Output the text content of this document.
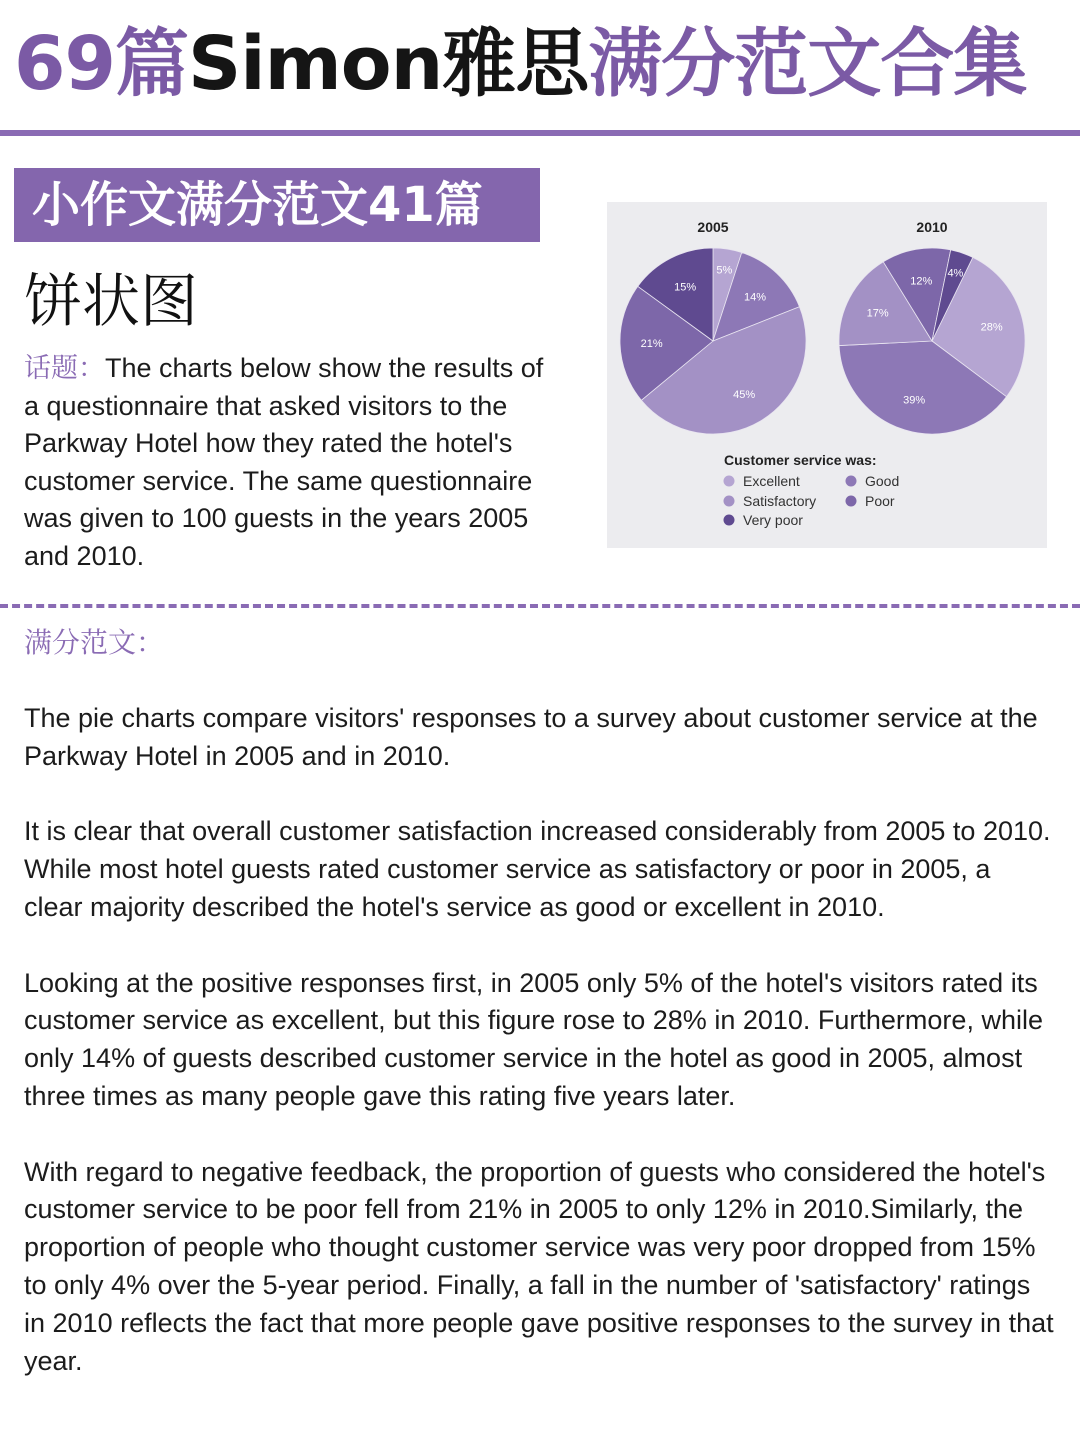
69篇Simon雅思满分范文合集
小作文满分范文41篇
饼状图
话题：The charts below show the results of a questionnaire that asked visitors to the Parkway Hotel how they rated the hotel's customer service. The same questionnaire was given to 100 guests in the years 2005 and 2010.
2005
5%
14%
45%
21%
15%
2010
28%
39%
17%
12%
4%
Customer service was:
Excellent	Good
Satisfactory	Poor
Very poor
满分范文：

The pie charts compare visitors' responses to a survey about customer service at the Parkway Hotel in 2005 and in 2010.

It is clear that overall customer satisfaction increased considerably from 2005 to 2010. While most hotel guests rated customer service as satisfactory or poor in 2005, a clear majority described the hotel's service as good or excellent in 2010.

Looking at the positive responses first, in 2005 only 5% of the hotel's visitors rated its customer service as excellent, but this figure rose to 28% in 2010. Furthermore, while only 14% of guests described customer service in the hotel as good in 2005, almost three times as many people gave this rating five years later.

With regard to negative feedback, the proportion of guests who considered the hotel's customer service to be poor fell from 21% in 2005 to only 12% in 2010.Similarly, the proportion of people who thought customer service was very poor dropped from 15% to only 4% over the 5-year period. Finally, a fall in the number of 'satisfactory' ratings in 2010 reflects the fact that more people gave positive responses to the survey in that year.
